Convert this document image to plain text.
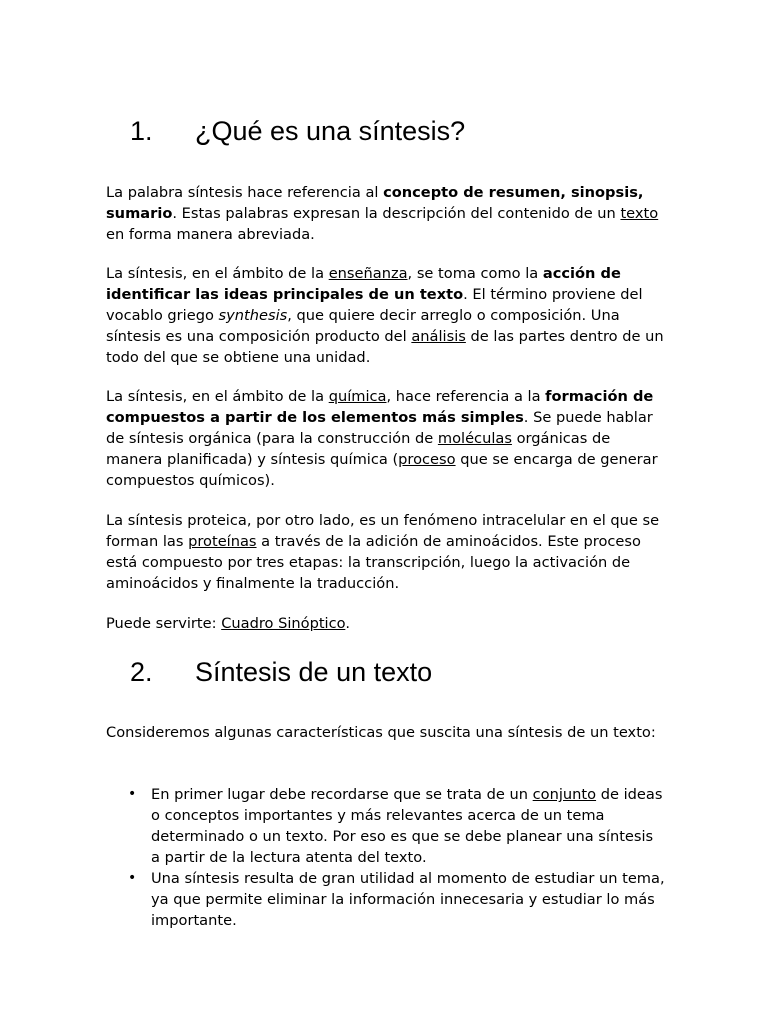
1. ¿Qué es una síntesis?

La palabra síntesis hace referencia al concepto de resumen, sinopsis, sumario. Estas palabras expresan la descripción del contenido de un texto en forma manera abreviada.

La síntesis, en el ámbito de la enseñanza, se toma como la acción de identificar las ideas principales de un texto. El término proviene del vocablo griego synthesis, que quiere decir arreglo o composición. Una síntesis es una composición producto del análisis de las partes dentro de un todo del que se obtiene una unidad.

La síntesis, en el ámbito de la química, hace referencia a la formación de compuestos a partir de los elementos más simples. Se puede hablar de síntesis orgánica (para la construcción de moléculas orgánicas de manera planificada) y síntesis química (proceso que se encarga de generar compuestos químicos).

La síntesis proteica, por otro lado, es un fenómeno intracelular en el que se forman las proteínas a través de la adición de aminoácidos. Este proceso está compuesto por tres etapas: la transcripción, luego la activación de aminoácidos y finalmente la traducción.

Puede servirte: Cuadro Sinóptico.

2. Síntesis de un texto

Consideremos algunas características que suscita una síntesis de un texto:

• En primer lugar debe recordarse que se trata de un conjunto de ideas o conceptos importantes y más relevantes acerca de un tema determinado o un texto. Por eso es que se debe planear una síntesis a partir de la lectura atenta del texto.
• Una síntesis resulta de gran utilidad al momento de estudiar un tema, ya que permite eliminar la información innecesaria y estudiar lo más importante.
